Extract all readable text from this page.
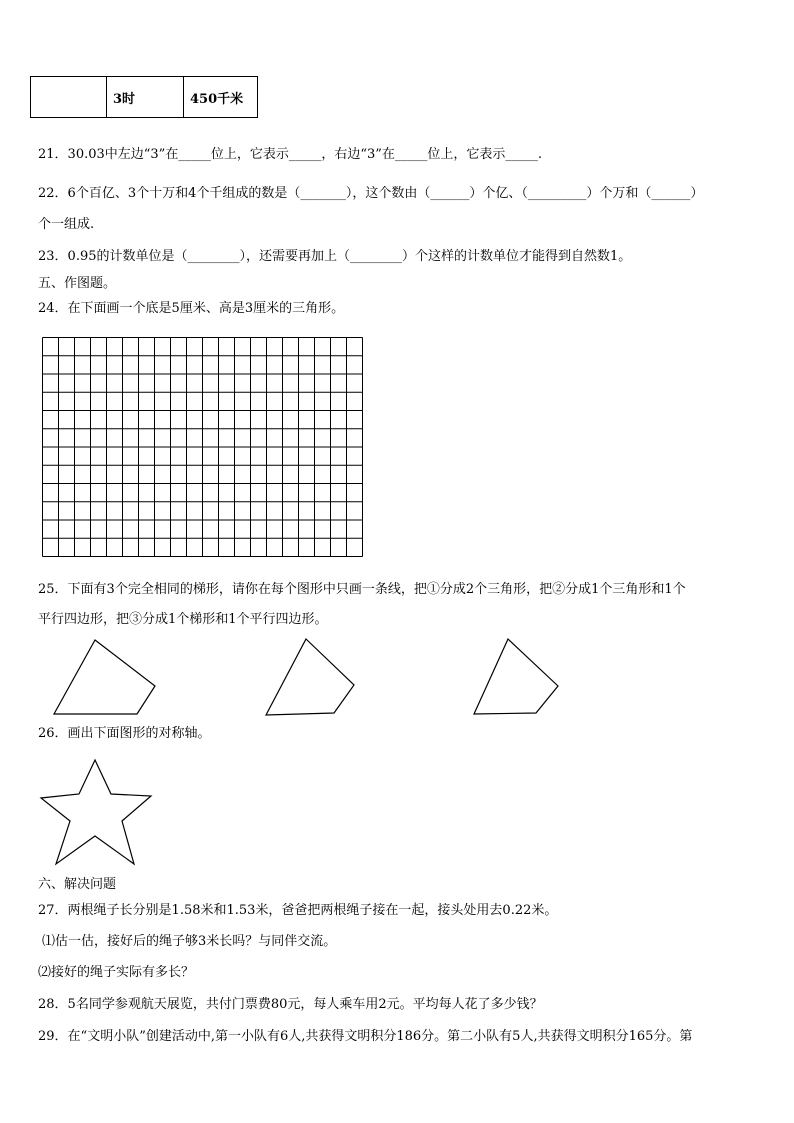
	3时	450千米
21．30.03中左边“3”在_____位上，它表示_____，右边“3”在_____位上，它表示_____.
22．6个百亿、3个十万和4个千组成的数是（_______），这个数由（______）个亿、（_________）个万和（______）
个一组成.
23．0.95的计数单位是（________），还需要再加上（________）个这样的计数单位才能得到自然数1。
五、作图题。
24．在下面画一个底是5厘米、高是3厘米的三角形。
25．下面有3个完全相同的梯形，请你在每个图形中只画一条线，把①分成2个三角形，把②分成1个三角形和1个
平行四边形，把③分成1个梯形和1个平行四边形。
26．画出下面图形的对称轴。
六、解决问题
27．两根绳子长分别是1.58米和1.53米，爸爸把两根绳子接在一起，接头处用去0.22米。
⑴估一估，接好后的绳子够3米长吗？与同伴交流。
⑵接好的绳子实际有多长？
28．5名同学参观航天展览，共付门票费80元，每人乘车用2元。平均每人花了多少钱？
29．在“文明小队”创建活动中,第一小队有6人,共获得文明积分186分。第二小队有5人,共获得文明积分165分。第
